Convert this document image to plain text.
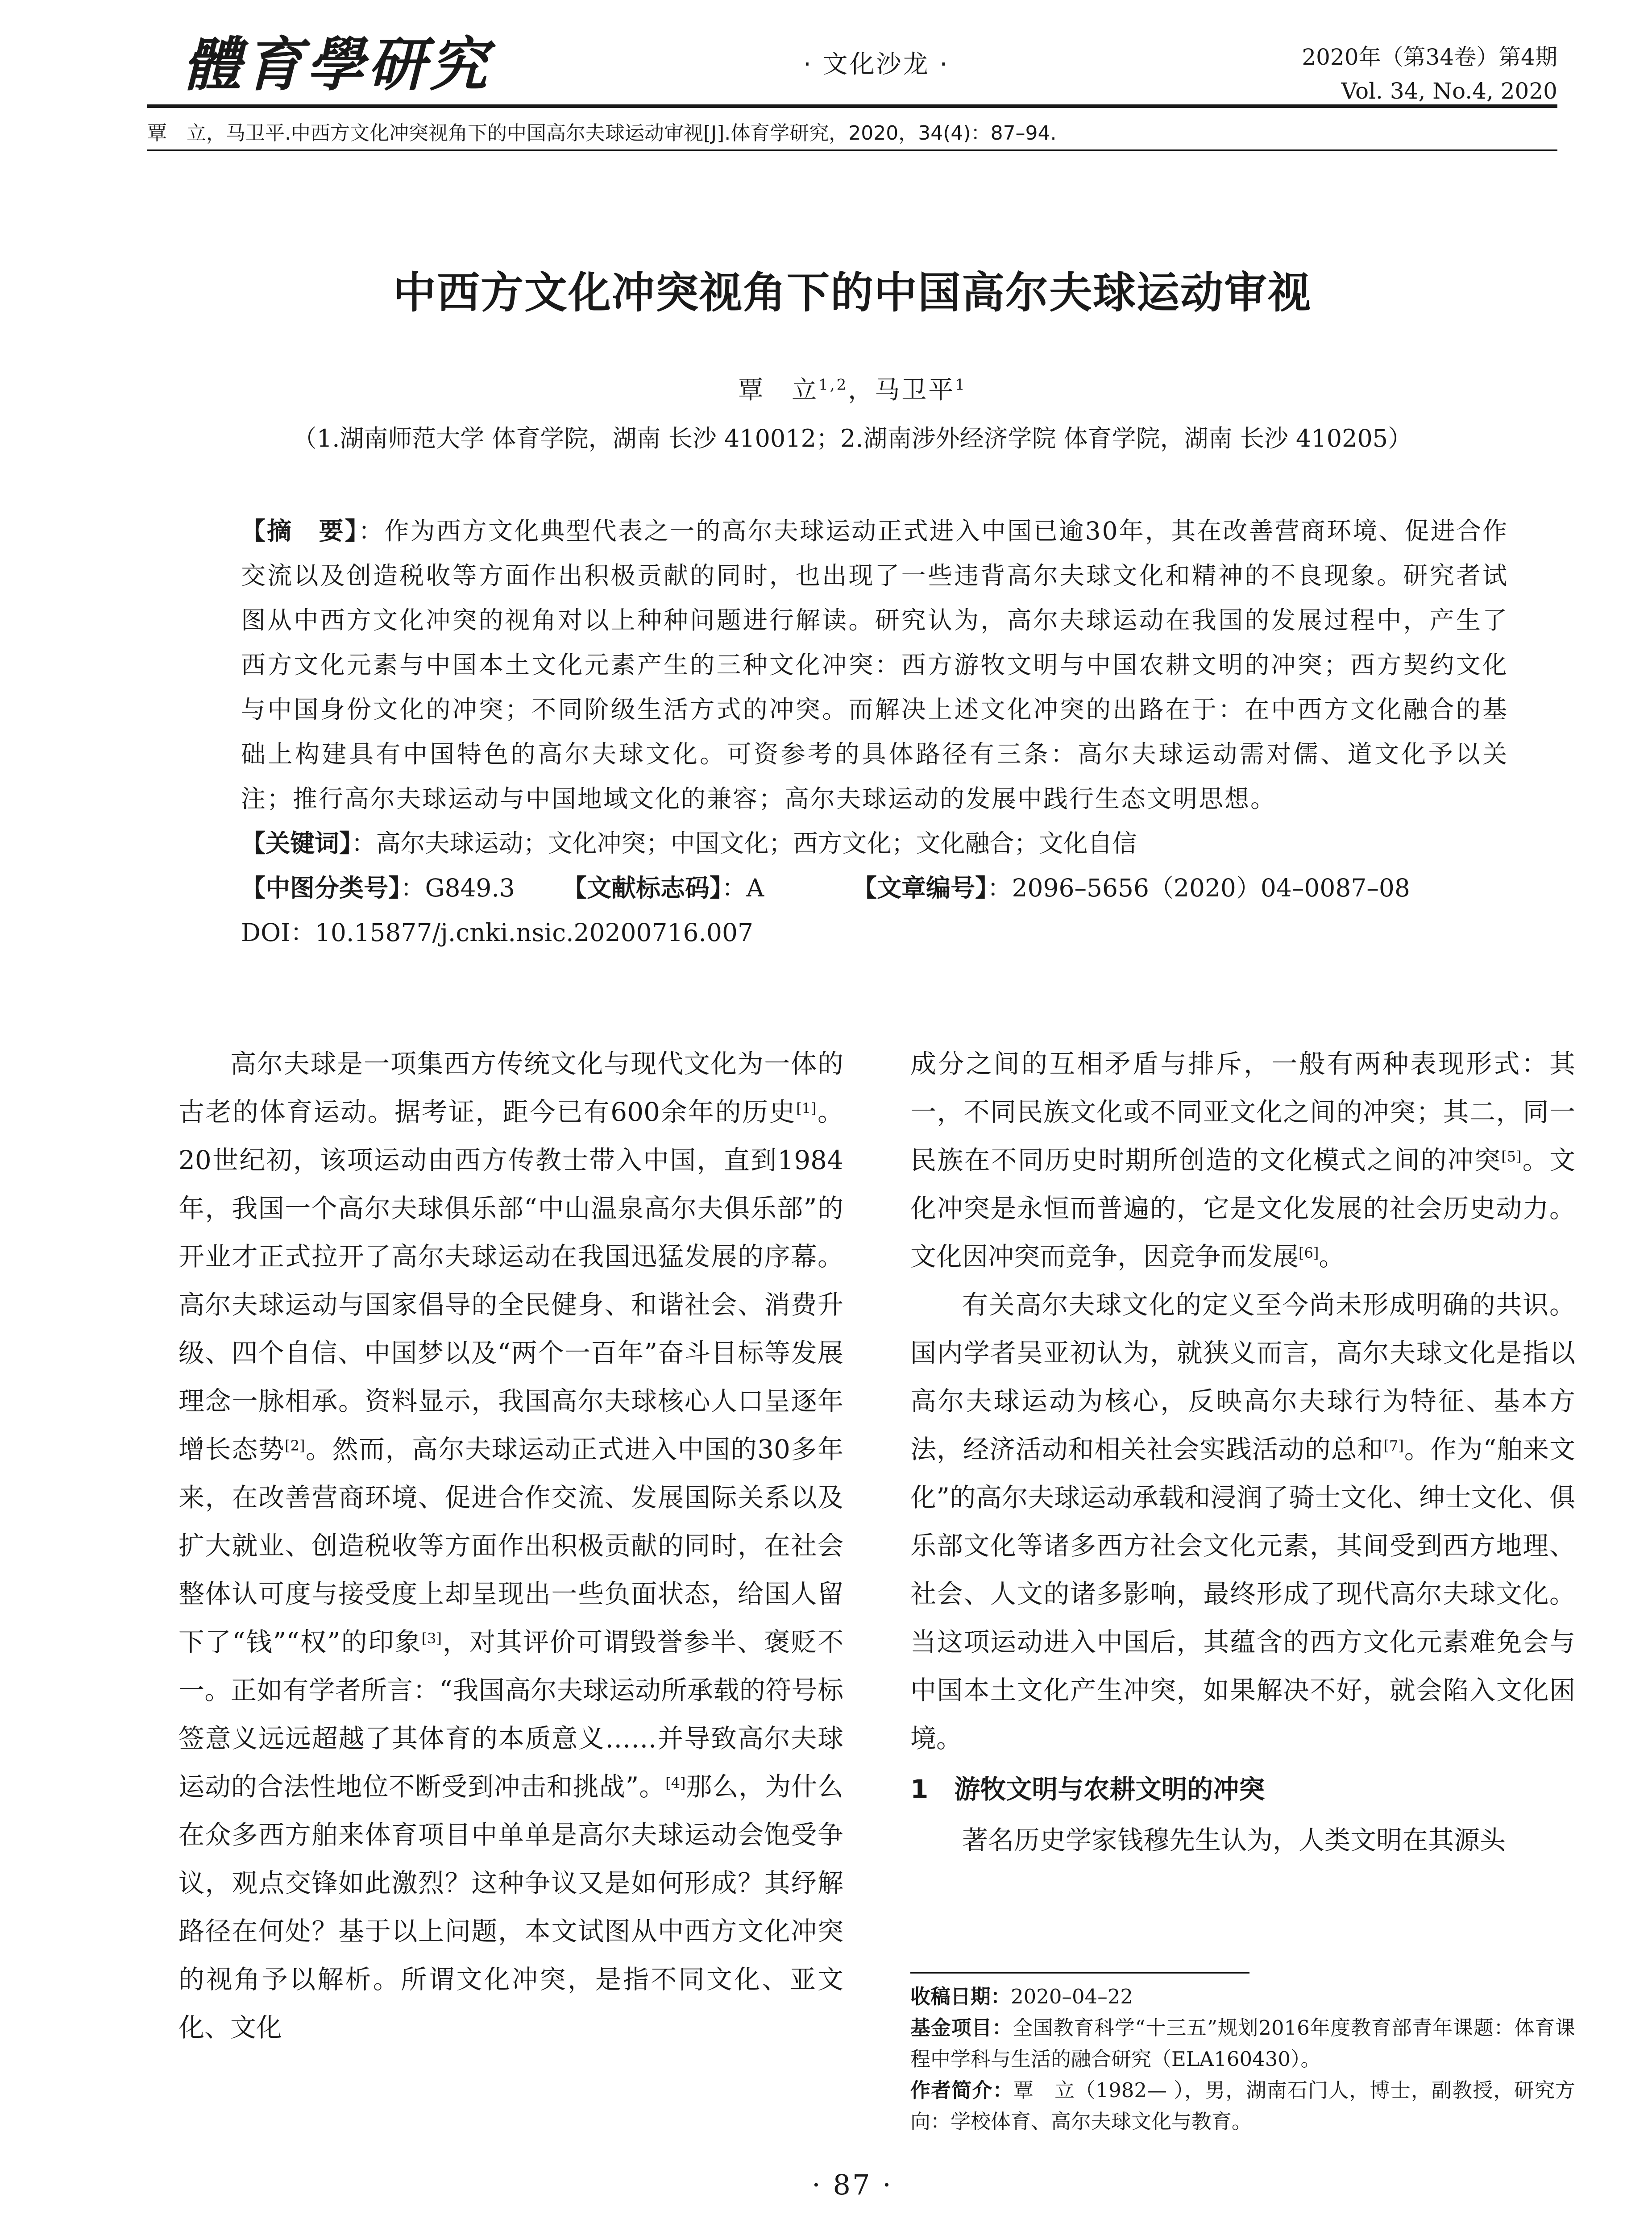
體育學研究	· 文化沙龙 ·	2020年（第34卷）第4期
Vol. 34, No.4, 2020
覃　立，马卫平.中西方文化冲突视角下的中国高尔夫球运动审视[J].体育学研究，2020，34(4)：87–94.
中西方文化冲突视角下的中国高尔夫球运动审视
覃　立$^{1,2}$，马卫平$^1$
（1.湖南师范大学 体育学院，湖南 长沙 410012；2.湖南涉外经济学院 体育学院，湖南 长沙 410205）
【摘　要】：作为西方文化典型代表之一的高尔夫球运动正式进入中国已逾30年，其在改善营商环境、促进合作交流以及创造税收等方面作出积极贡献的同时，也出现了一些违背高尔夫球文化和精神的不良现象。研究者试图从中西方文化冲突的视角对以上种种问题进行解读。研究认为，高尔夫球运动在我国的发展过程中，产生了西方文化元素与中国本土文化元素产生的三种文化冲突：西方游牧文明与中国农耕文明的冲突；西方契约文化与中国身份文化的冲突；不同阶级生活方式的冲突。而解决上述文化冲突的出路在于：在中西方文化融合的基础上构建具有中国特色的高尔夫球文化。可资参考的具体路径有三条：高尔夫球运动需对儒、道文化予以关注；推行高尔夫球运动与中国地域文化的兼容；高尔夫球运动的发展中践行生态文明思想。
【关键词】：高尔夫球运动；文化冲突；中国文化；西方文化；文化融合；文化自信
【中图分类号】：G849.3	【文献标志码】：A	【文章编号】：2096–5656（2020）04–0087–08
DOI：10.15877/j.cnki.nsic.20200716.007

高尔夫球是一项集西方传统文化与现代文化为一体的古老的体育运动。据考证，距今已有600余年的历史[1]。20世纪初，该项运动由西方传教士带入中国，直到1984年，我国一个高尔夫球俱乐部“中山温泉高尔夫俱乐部”的开业才正式拉开了高尔夫球运动在我国迅猛发展的序幕。高尔夫球运动与国家倡导的全民健身、和谐社会、消费升级、四个自信、中国梦以及“两个一百年”奋斗目标等发展理念一脉相承。资料显示，我国高尔夫球核心人口呈逐年增长态势[2]。然而，高尔夫球运动正式进入中国的30多年来，在改善营商环境、促进合作交流、发展国际关系以及扩大就业、创造税收等方面作出积极贡献的同时，在社会整体认可度与接受度上却呈现出一些负面状态，给国人留下了“钱”“权”的印象[3]，对其评价可谓毁誉参半、褒贬不一。正如有学者所言：“我国高尔夫球运动所承载的符号标签意义远远超越了其体育的本质意义……并导致高尔夫球运动的合法性地位不断受到冲击和挑战”。[4]那么，为什么在众多西方舶来体育项目中单单是高尔夫球运动会饱受争议，观点交锋如此激烈？这种争议又是如何形成？其纾解路径在何处？基于以上问题，本文试图从中西方文化冲突的视角予以解析。所谓文化冲突，是指不同文化、亚文化、文化

成分之间的互相矛盾与排斥，一般有两种表现形式：其一，不同民族文化或不同亚文化之间的冲突；其二，同一民族在不同历史时期所创造的文化模式之间的冲突[5]。文化冲突是永恒而普遍的，它是文化发展的社会历史动力。文化因冲突而竞争，因竞争而发展[6]。

有关高尔夫球文化的定义至今尚未形成明确的共识。国内学者吴亚初认为，就狭义而言，高尔夫球文化是指以高尔夫球运动为核心，反映高尔夫球行为特征、基本方法，经济活动和相关社会实践活动的总和[7]。作为“舶来文化”的高尔夫球运动承载和浸润了骑士文化、绅士文化、俱乐部文化等诸多西方社会文化元素，其间受到西方地理、社会、人文的诸多影响，最终形成了现代高尔夫球文化。当这项运动进入中国后，其蕴含的西方文化元素难免会与中国本土文化产生冲突，如果解决不好，就会陷入文化困境。

1　游牧文明与农耕文明的冲突

著名历史学家钱穆先生认为，人类文明在其源头

收稿日期：2020–04–22

基金项目：全国教育科学“十三五”规划2016年度教育部青年课题：体育课程中学科与生活的融合研究（ELA160430）。

作者简介：覃　立（1982— ），男，湖南石门人，博士，副教授，研究方向：学校体育、高尔夫球文化与教育。

· 87 ·
